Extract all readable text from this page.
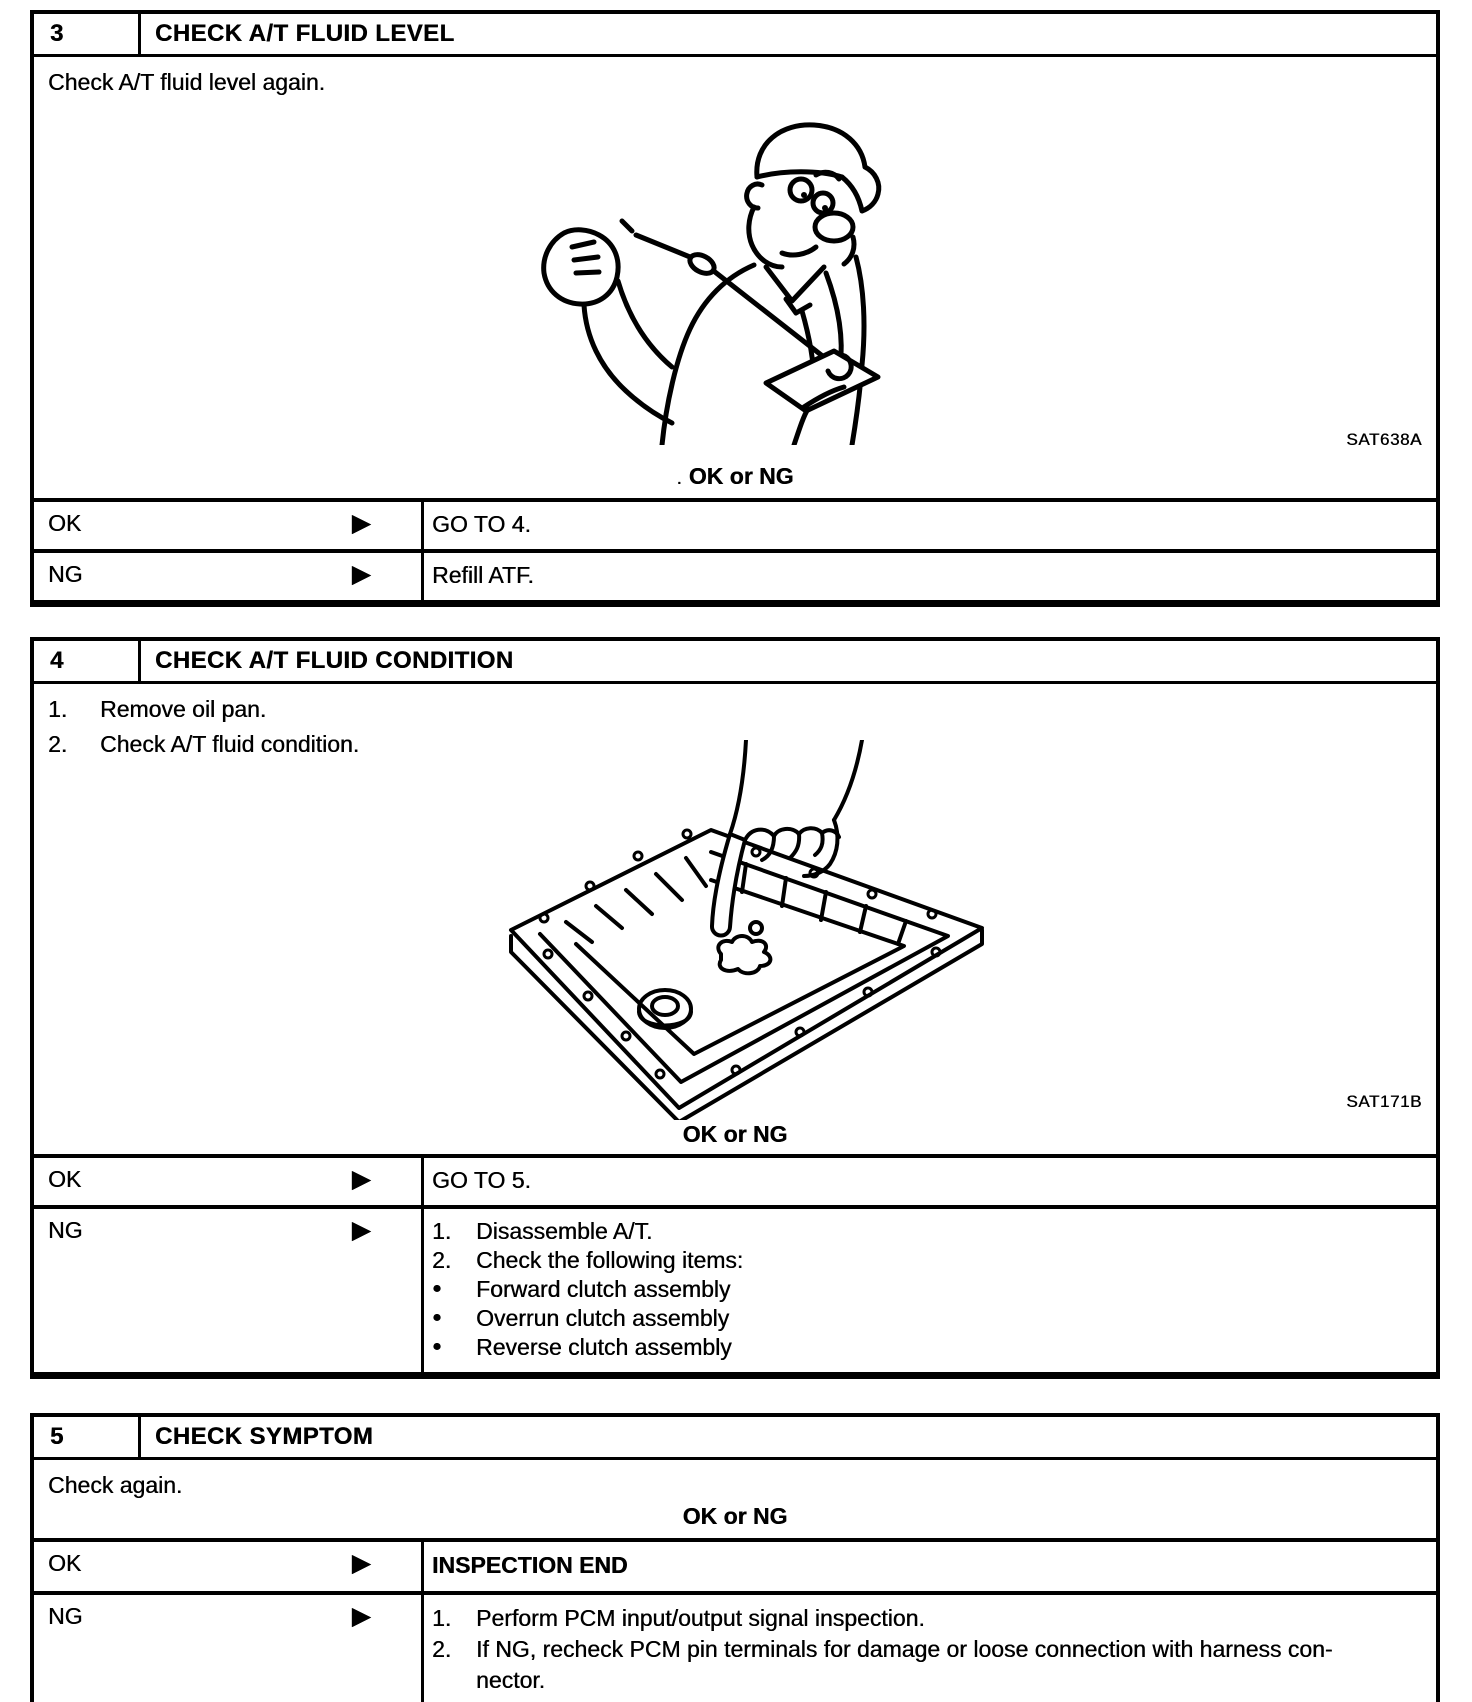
3	CHECK A/T FLUID LEVEL
Check A/T fluid level again.
SAT638A
. OK or NG
OK	▶	GO TO 4.
NG	▶	Refill ATF.
4	CHECK A/T FLUID CONDITION
1.	Remove oil pan.
2.	Check A/T fluid condition.
SAT171B
OK or NG
OK	▶	GO TO 5.
NG	▶	1.	Disassemble A/T.
2.	Check the following items:
●	Forward clutch assembly
●	Overrun clutch assembly
●	Reverse clutch assembly
5	CHECK SYMPTOM
Check again.
OK or NG
OK	▶	INSPECTION END
NG	▶	1.	Perform PCM input/output signal inspection.
2.	If NG, recheck PCM pin terminals for damage or loose connection with harness con-
nector.
